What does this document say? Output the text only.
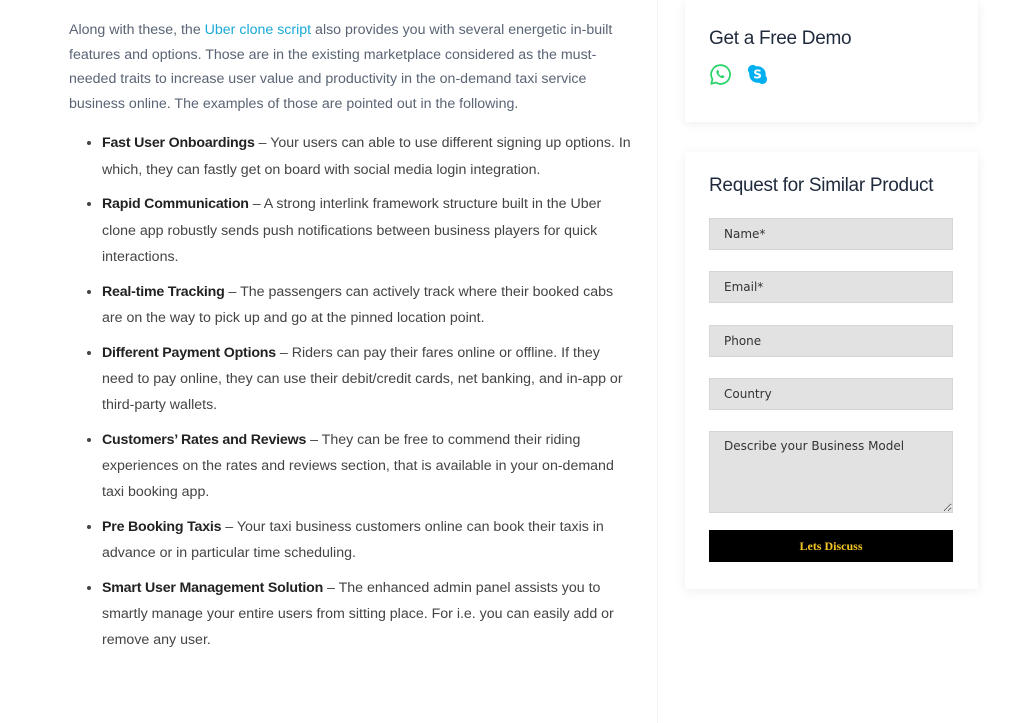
Along with these, the Uber clone script also provides you with several energetic in-built features and options. Those are in the existing marketplace considered as the must-needed traits to increase user value and productivity in the on-demand taxi service business online. The examples of those are pointed out in the following.

• Fast User Onboardings – Your users can able to use different signing up options. In which, they can fastly get on board with social media login integration.
• Rapid Communication – A strong interlink framework structure built in the Uber clone app robustly sends push notifications between business players for quick interactions.
• Real-time Tracking – The passengers can actively track where their booked cabs are on the way to pick up and go at the pinned location point.
• Different Payment Options – Riders can pay their fares online or offline. If they need to pay online, they can use their debit/credit cards, net banking, and in-app or third-party wallets.
• Customers’ Rates and Reviews – They can be free to commend their riding experiences on the rates and reviews section, that is available in your on-demand taxi booking app.
• Pre Booking Taxis – Your taxi business customers online can book their taxis in advance or in particular time scheduling.
• Smart User Management Solution – The enhanced admin panel assists you to smartly manage your entire users from sitting place. For i.e. you can easily add or remove any user.
Get a Free Demo
S
Request for Similar Product
Name*
Email*
Phone
Country
Describe your Business Model
Lets Discuss
